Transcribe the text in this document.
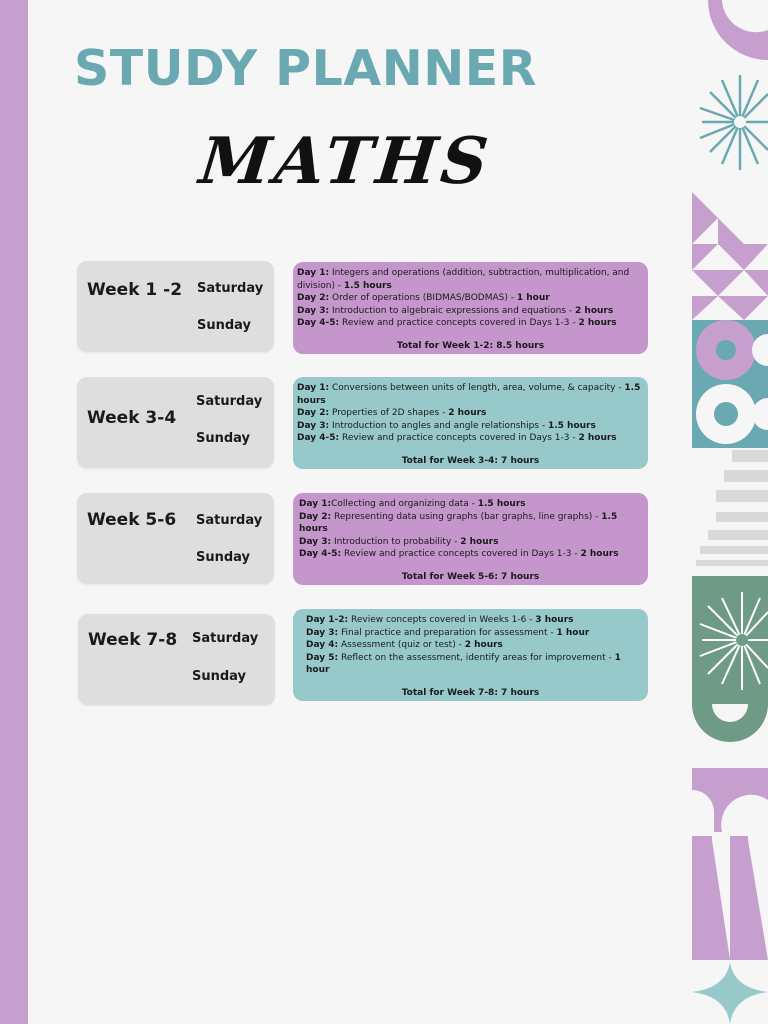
STUDY PLANNER
MATHS
Week 1 -2 Saturday
Sunday
Day 1: Integers and operations (addition, subtraction, multiplication, and division) - 1.5 hours
Day 2: Order of operations (BIDMAS/BODMAS) - 1 hour
Day 3: Introduction to algebraic expressions and equations - 2 hours
Day 4-5: Review and practice concepts covered in Days 1-3 - 2 hours
Total for Week 1-2: 8.5 hours
Week 3-4
Saturday
Sunday
Day 1: Conversions between units of length, area, volume, & capacity - 1.5 hours
Day 2: Properties of 2D shapes - 2 hours
Day 3: Introduction to angles and angle relationships - 1.5 hours
Day 4-5: Review and practice concepts covered in Days 1-3 - 2 hours
Total for Week 3-4: 7 hours
Week 5-6 Saturday
Sunday
Day 1:Collecting and organizing data - 1.5 hours
Day 2: Representing data using graphs (bar graphs, line graphs) - 1.5 hours
Day 3: Introduction to probability - 2 hours
Day 4-5: Review and practice concepts covered in Days 1-3 - 2 hours
Total for Week 5-6: 7 hours
Week 7-8 Saturday
Sunday
Day 1-2: Review concepts covered in Weeks 1-6 - 3 hours
Day 3: Final practice and preparation for assessment - 1 hour
Day 4: Assessment (quiz or test) - 2 hours
Day 5: Reflect on the assessment, identify areas for improvement - 1 hour
Total for Week 7-8: 7 hours
